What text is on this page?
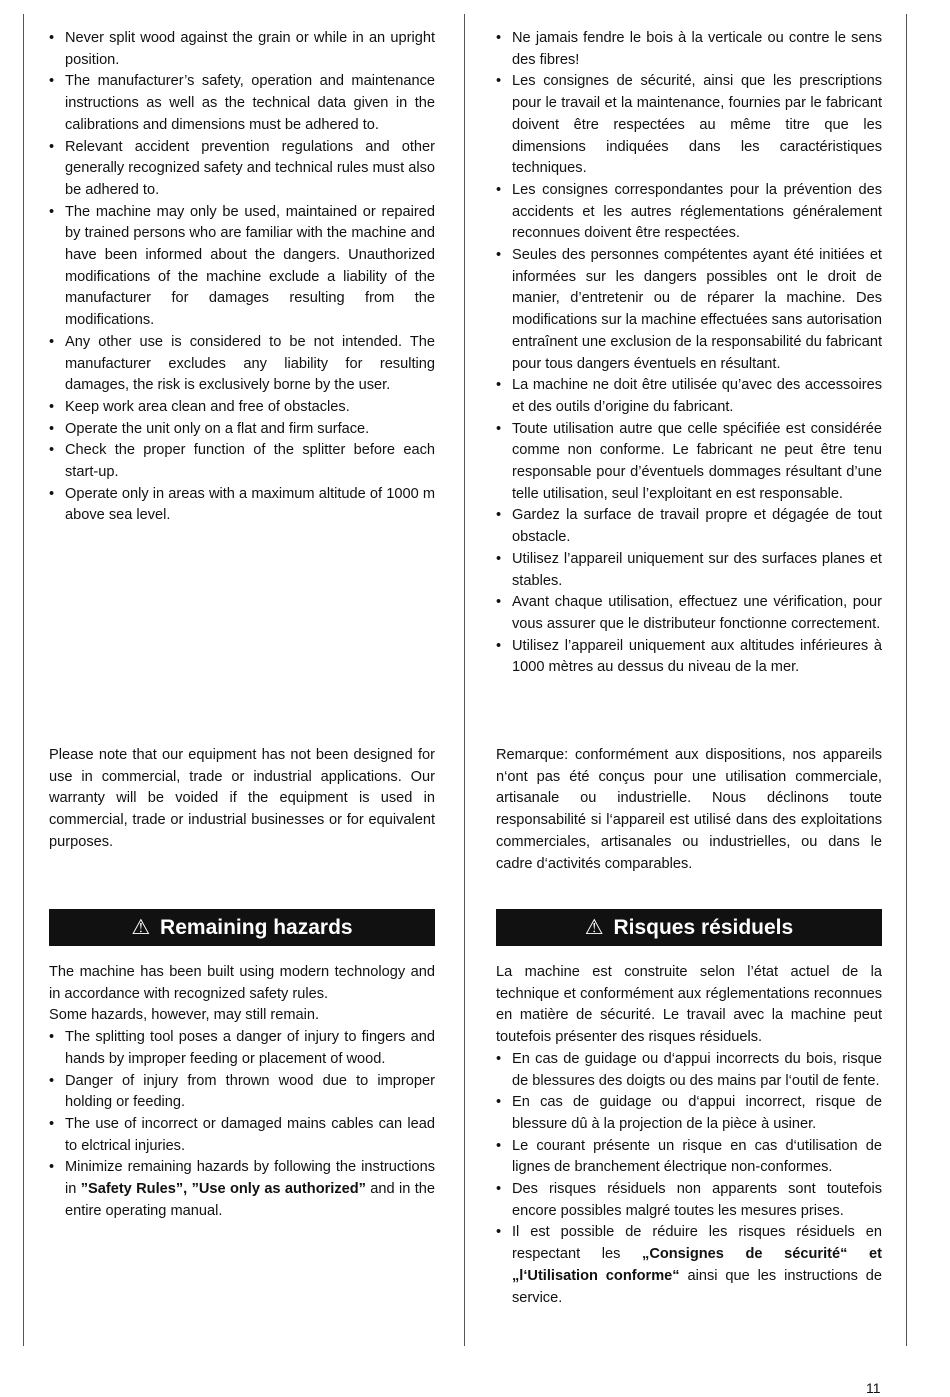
• Never split wood against the grain or while in an upright position.
• The manufacturer’s safety, operation and maintenance instructions as well as the technical data given in the calibrations and dimensions must be adhered to.
• Relevant accident prevention regulations and other generally recognized safety and technical rules must also be adhered to.
• The machine may only be used, maintained or repaired by trained persons who are familiar with the machine and have been informed about the dangers. Unauthorized modifications of the machine exclude a liability of the manufacturer for damages resulting from the modifications.
• Any other use is considered to be not intended. The manufacturer excludes any liability for resulting damages, the risk is exclusively borne by the user.
• Keep work area clean and free of obstacles.
• Operate the unit only on a flat and firm surface.
• Check the proper function of the splitter before each start-up.
• Operate only in areas with a maximum altitude of 1000 m above sea level.

Please note that our equipment has not been designed for use in commercial, trade or industrial applications. Our warranty will be voided if the equipment is used in commercial, trade or industrial businesses or for equivalent purposes.

⚠ Remaining hazards

The machine has been built using modern technology and in accordance with recognized safety rules.

Some hazards, however, may still remain.

• The splitting tool poses a danger of injury to fingers and hands by improper feeding or placement of wood.
• Danger of injury from thrown wood due to improper holding or feeding.
• The use of incorrect or damaged mains cables can lead to elctrical injuries.
• Minimize remaining hazards by following the instructions in ”Safety Rules”, ”Use only as authorized” and in the entire operating manual.
• Ne jamais fendre le bois à la verticale ou contre le sens des fibres!
• Les consignes de sécurité, ainsi que les prescriptions pour le travail et la maintenance, fournies par le fabricant doivent être respectées au même titre que les dimensions indiquées dans les caractéristiques techniques.
• Les consignes correspondantes pour la prévention des accidents et les autres réglementations généralement reconnues doivent être respectées.
• Seules des personnes compétentes ayant été initiées et informées sur les dangers possibles ont le droit de manier, d’entretenir ou de réparer la machine. Des modifications sur la machine effectuées sans autorisation entraînent une exclusion de la responsabilité du fabricant pour tous dangers éventuels en résultant.
• La machine ne doit être utilisée qu’avec des accessoires et des outils d’origine du fabricant.
• Toute utilisation autre que celle spécifiée est considérée comme non conforme. Le fabricant ne peut être tenu responsable pour d’éventuels dommages résultant d’une telle utilisation, seul l’exploitant en est responsable.
• Gardez la surface de travail propre et dégagée de tout obstacle.
• Utilisez l’appareil uniquement sur des surfaces planes et stables.
• Avant chaque utilisation, effectuez une vérification, pour vous assurer que le distributeur fonctionne correctement.
• Utilisez l’appareil uniquement aux altitudes inférieures à 1000 mètres au dessus du niveau de la mer.

Remarque: conformément aux dispositions, nos appareils n‘ont pas été conçus pour une utilisation commerciale, artisanale ou industrielle. Nous déclinons toute responsabilité si l‘appareil est utilisé dans des exploitations commerciales, artisanales ou industrielles, ou dans le cadre d‘activités comparables.

⚠ Risques résiduels

La machine est construite selon l’état actuel de la technique et conformément aux réglementations reconnues en matière de sécurité. Le travail avec la machine peut toutefois présenter des risques résiduels.

• En cas de guidage ou d‘appui incorrects du bois, risque de blessures des doigts ou des mains par l‘outil de fente.
• En cas de guidage ou d‘appui incorrect, risque de blessure dû à la projection de la pièce à usiner.
• Le courant présente un risque en cas d‘utilisation de lignes de branchement électrique non-conformes.
• Des risques résiduels non apparents sont toutefois encore possibles malgré toutes les mesures prises.
• Il est possible de réduire les risques résiduels en respectant les „Consignes de sécurité“ et „l‘Utilisation conforme“ ainsi que les instructions de service.
11
